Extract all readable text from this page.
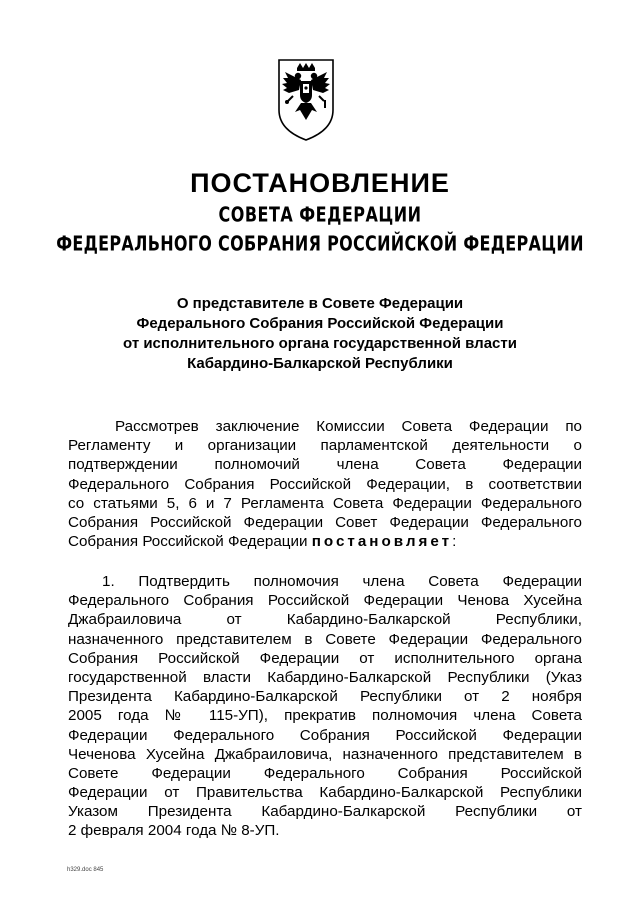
ПОСТАНОВЛЕНИЕ
СОВЕТА ФЕДЕРАЦИИ
ФЕДЕРАЛЬНОГО СОБРАНИЯ РОССИЙСКОЙ ФЕДЕРАЦИИ
О представителе в Совете Федерации
Федерального Собрания Российской Федерации
от исполнительного органа государственной власти
Кабардино-Балкарской Республики
Рассмотрев заключение Комиссии Совета Федерации по
Регламенту и организации парламентской деятельности о
подтверждении полномочий члена Совета Федерации
Федерального Собрания Российской Федерации, в соответствии
со статьями 5, 6 и 7 Регламента Совета Федерации Федерального
Собрания Российской Федерации Совет Федерации Федерального
Собрания Российской Федерации постановляет:
1. Подтвердить полномочия члена Совета Федерации
Федерального Собрания Российской Федерации Ченова Хусейна
Джабраиловича от Кабардино-Балкарской Республики,
назначенного представителем в Совете Федерации Федерального
Собрания Российской Федерации от исполнительного органа
государственной власти Кабардино-Балкарской Республики (Указ
Президента Кабардино-Балкарской Республики от 2 ноября
2005 года № 115-УП), прекратив полномочия члена Совета
Федерации Федерального Собрания Российской Федерации
Чеченова Хусейна Джабраиловича, назначенного представителем в
Совете Федерации Федерального Собрания Российской
Федерации от Правительства Кабардино-Балкарской Республики
Указом Президента Кабардино-Балкарской Республики от
2 февраля 2004 года № 8-УП.
h329.doc 845
